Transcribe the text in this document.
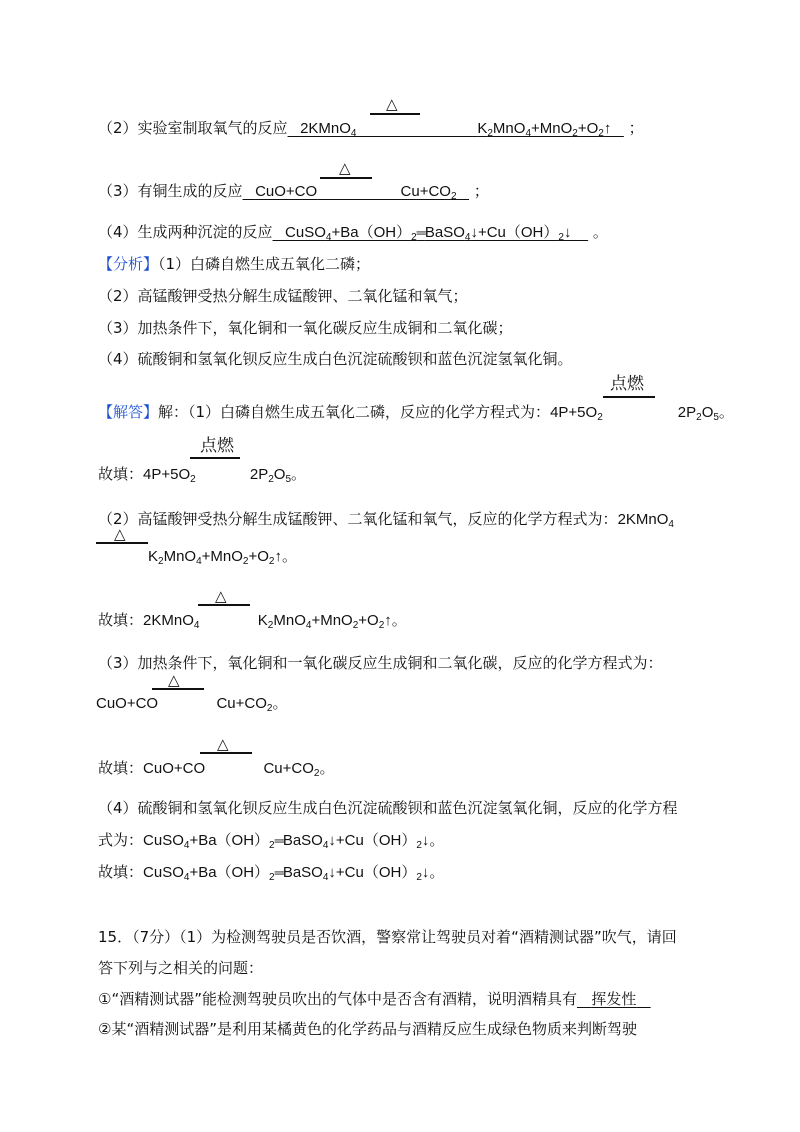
△
（2）实验室制取氧气的反应 2KMnO$_4$	$K_2MnO_4+MnO_2+O_2↑$    ；
△
（3）有铜生成的反应 CuO+CO	$Cu+CO_2$ ；
（4）生成两种沉淀的反应   $CuSO_4+Ba(OH)_2═BaSO_4↓+Cu(OH)_2↓$     。
【分析】（1）白磷自燃生成五氧化二磷；
（2）高锰酸钾受热分解生成锰酸钾、二氧化锰和氧气；
（3）加热条件下，氧化铜和一氧化碳反应生成铜和二氧化碳；
（4）硫酸铜和氢氧化钡反应生成白色沉淀硫酸钡和蓝色沉淀氢氧化铜。
点燃
【解答】解：（1）白磷自燃生成五氧化二磷，反应的化学方程式为：$4P+5O_2$                  $2P_2O_5$。
点燃
故填：$4P+5O_2$             $2P_2O_5$。
（2）高锰酸钾受热分解生成锰酸钾、二氧化锰和氧气，反应的化学方程式为：2KMnO$_4$
△
$K_2MnO_4+MnO_2+O_2↑$。
△
故填：2KMnO$_4$              $K_2MnO_4+MnO_2+O_2↑$。
（3）加热条件下，氧化铜和一氧化碳反应生成铜和二氧化碳，反应的化学方程式为：
△
CuO+CO              $Cu+CO_2$。
△
故填：CuO+CO              $Cu+CO_2$。
（4）硫酸铜和氢氧化钡反应生成白色沉淀硫酸钡和蓝色沉淀氢氧化铜，反应的化学方程
式为：$CuSO_4+Ba(OH)_2═BaSO_4↓+Cu(OH)_2↓$。
故填：$CuSO_4+Ba(OH)_2═BaSO_4↓+Cu(OH)_2↓$。
15．（7分）（1）为检测驾驶员是否饮酒，警察常让驾驶员对着“酒精测试器”吹气，请回
答下列与之相关的问题：
①“酒精测试器”能检测驾驶员吹出的气体中是否含有酒精，说明酒精具有 挥发性
②某“酒精测试器”是利用某橘黄色的化学药品与酒精反应生成绿色物质来判断驾驶
